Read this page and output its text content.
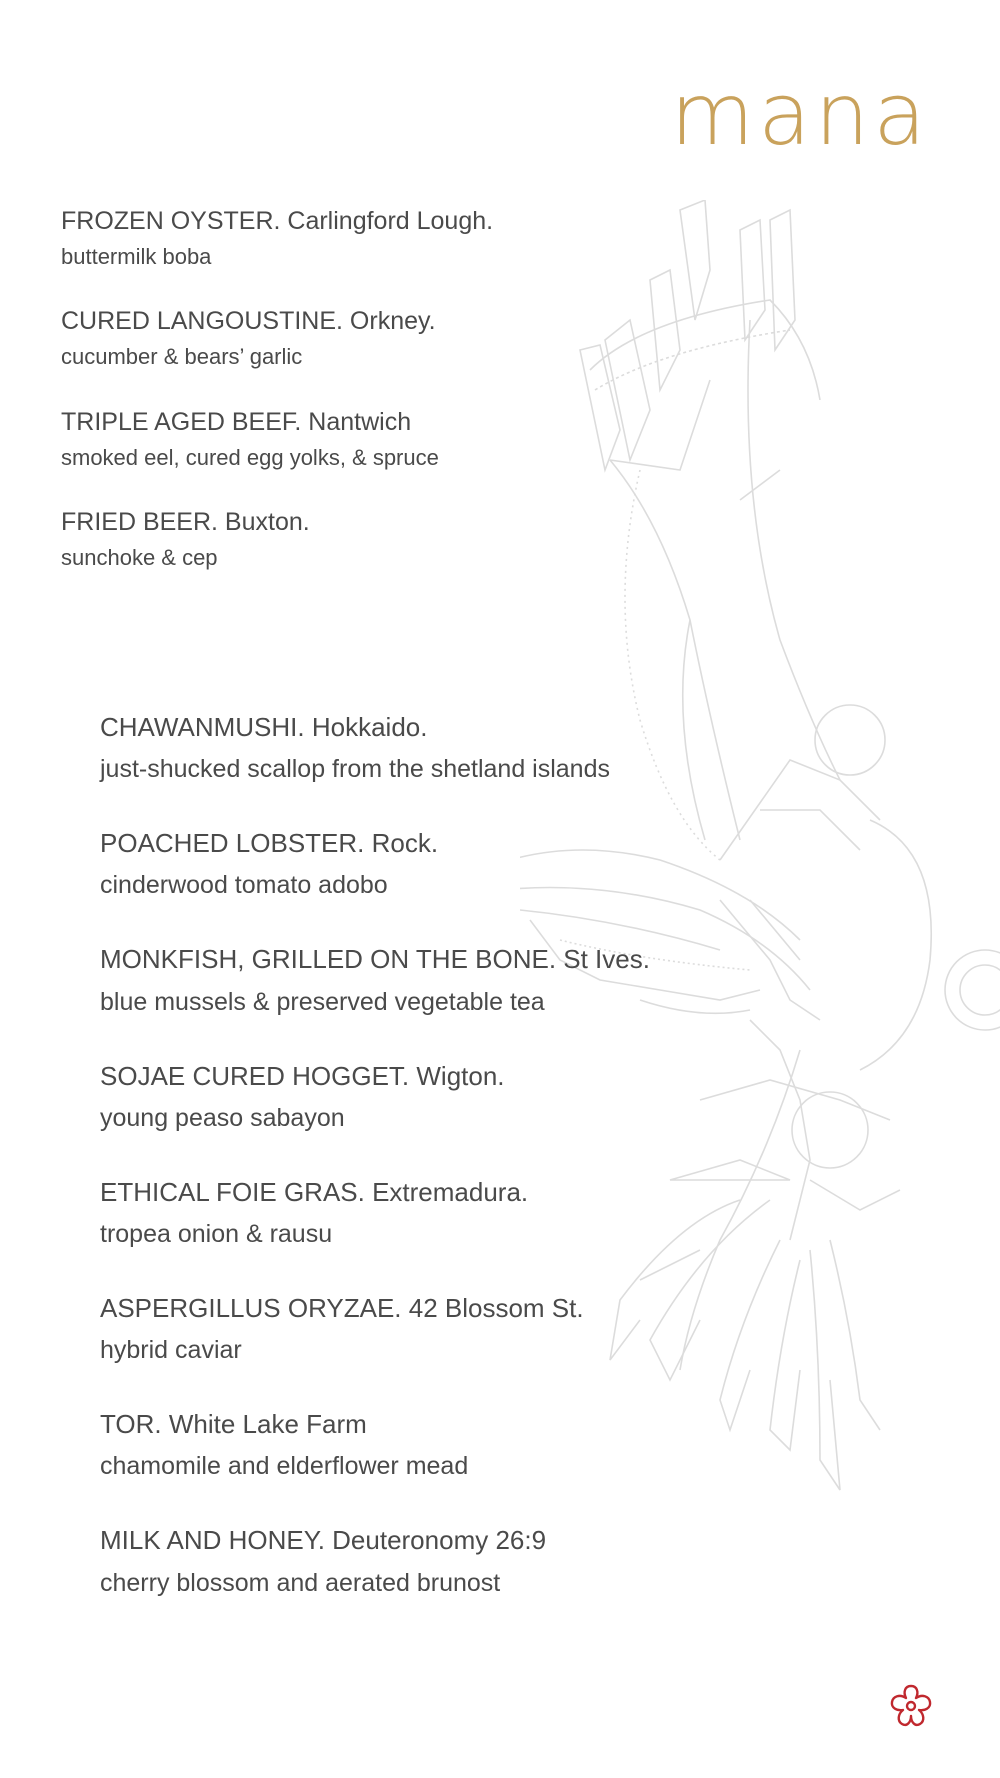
mana
FROZEN OYSTER. Carlingford Lough.
buttermilk boba
CURED LANGOUSTINE. Orkney.
cucumber & bears’ garlic
TRIPLE AGED BEEF. Nantwich
smoked eel, cured egg yolks, & spruce
FRIED BEER. Buxton.
sunchoke & cep
CHAWANMUSHI. Hokkaido.
just-shucked scallop from the shetland islands
POACHED LOBSTER. Rock.
cinderwood tomato adobo
MONKFISH, GRILLED ON THE BONE. St Ives.
blue mussels & preserved vegetable tea
SOJAE CURED HOGGET. Wigton.
young peaso sabayon
ETHICAL FOIE GRAS. Extremadura.
tropea onion & rausu
ASPERGILLUS ORYZAE. 42 Blossom St.
hybrid caviar
TOR. White Lake Farm
chamomile and elderflower mead
MILK AND HONEY. Deuteronomy 26:9
cherry blossom and aerated brunost
